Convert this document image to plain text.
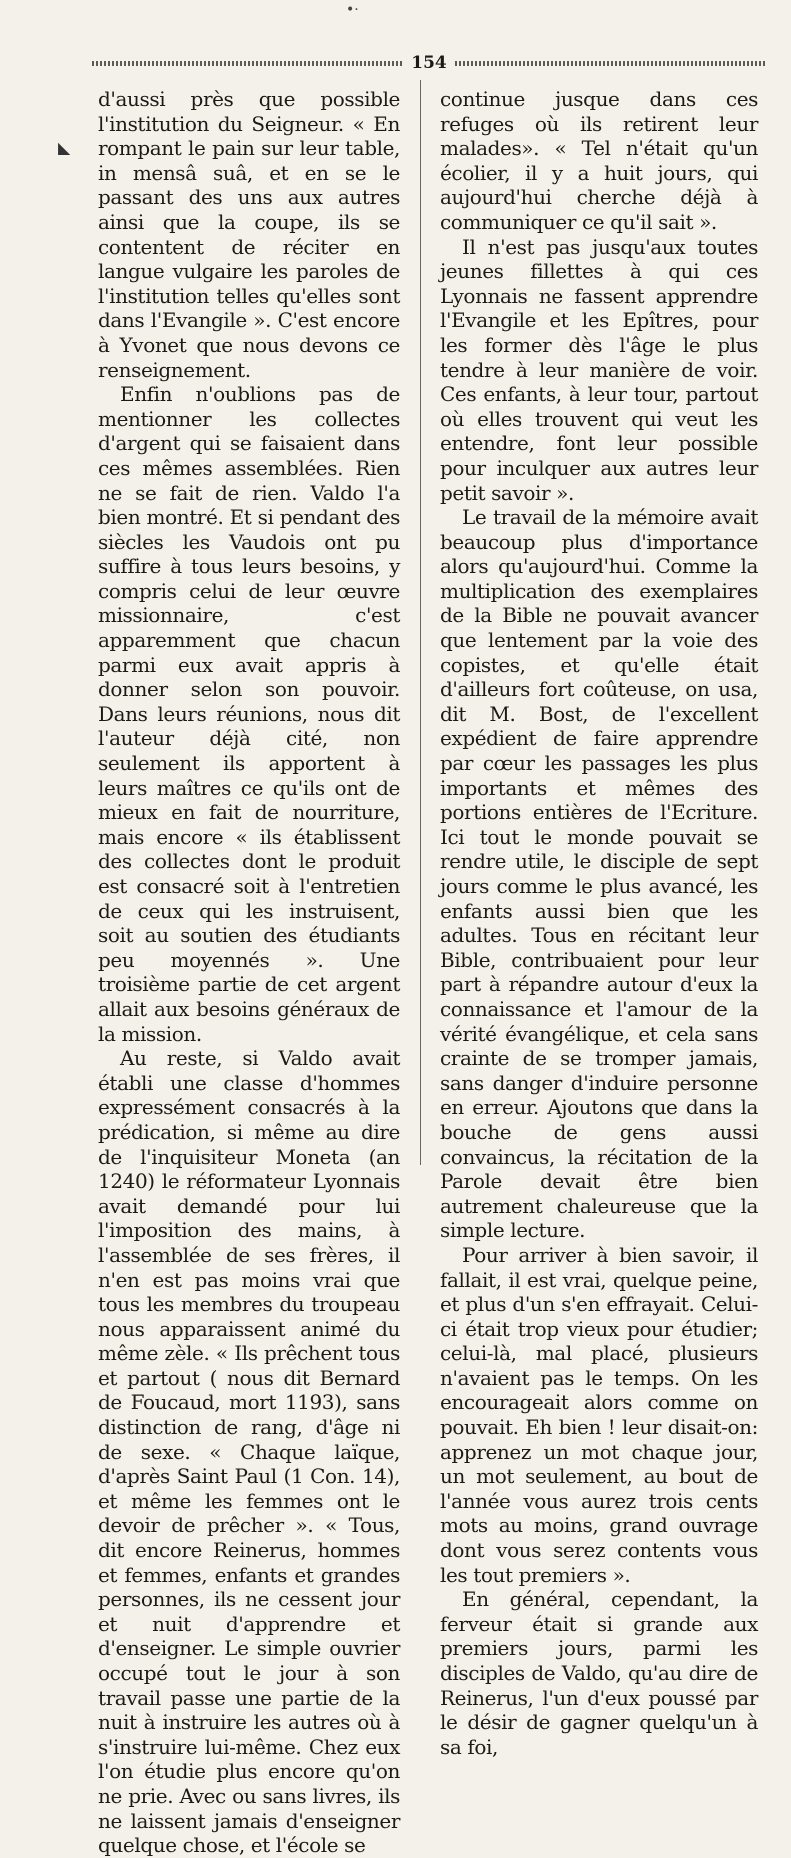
•·
154
◣

d'aussi près que possible l'institution du Seigneur. « En rompant le pain sur leur table, in mensâ suâ, et en se le passant des uns aux autres ainsi que la coupe, ils se contentent de réciter en langue vulgaire les paroles de l'institution telles qu'elles sont dans l'Evangile ». C'est encore à Yvonet que nous devons ce renseignement.

Enfin n'oublions pas de mentionner les collectes d'argent qui se faisaient dans ces mêmes assemblées. Rien ne se fait de rien. Valdo l'a bien montré. Et si pendant des siècles les Vaudois ont pu suffire à tous leurs besoins, y compris celui de leur œuvre missionnaire, c'est apparemment que chacun parmi eux avait appris à donner selon son pouvoir. Dans leurs réunions, nous dit l'auteur déjà cité, non seulement ils apportent à leurs maîtres ce qu'ils ont de mieux en fait de nourriture, mais encore « ils établissent des collectes dont le produit est consacré soit à l'entretien de ceux qui les instruisent, soit au soutien des étudiants peu moyennés ». Une troisième partie de cet argent allait aux besoins généraux de la mission.

Au reste, si Valdo avait établi une classe d'hommes expressément consacrés à la prédication, si même au dire de l'inquisiteur Moneta (an 1240) le réformateur Lyonnais avait demandé pour lui l'imposition des mains, à l'assemblée de ses frères, il n'en est pas moins vrai que tous les membres du troupeau nous apparaissent animé du même zèle. « Ils prêchent tous et partout ( nous dit Bernard de Foucaud, mort 1193), sans distinction de rang, d'âge ni de sexe. « Chaque laïque, d'après Saint Paul (1 Con. 14), et même les femmes ont le devoir de prêcher ». « Tous, dit encore Reinerus, hommes et femmes, enfants et grandes personnes, ils ne cessent jour et nuit d'apprendre et d'enseigner. Le simple ouvrier occupé tout le jour à son travail passe une partie de la nuit à instruire les autres où à s'instruire lui-même. Chez eux l'on étudie plus encore qu'on ne prie. Avec ou sans livres, ils ne laissent jamais d'enseigner quelque chose, et l'école se

continue jusque dans ces refuges où ils retirent leur malades». « Tel n'était qu'un écolier, il y a huit jours, qui aujourd'hui cherche déjà à communiquer ce qu'il sait ».

Il n'est pas jusqu'aux toutes jeunes fillettes à qui ces Lyonnais ne fassent apprendre l'Evangile et les Epîtres, pour les former dès l'âge le plus tendre à leur manière de voir. Ces enfants, à leur tour, partout où elles trouvent qui veut les entendre, font leur possible pour inculquer aux autres leur petit savoir ».

Le travail de la mémoire avait beaucoup plus d'importance alors qu'aujourd'hui. Comme la multiplication des exemplaires de la Bible ne pouvait avancer que lentement par la voie des copistes, et qu'elle était d'ailleurs fort coûteuse, on usa, dit M. Bost, de l'excellent expédient de faire apprendre par cœur les passages les plus importants et mêmes des portions entières de l'Ecriture. Ici tout le monde pouvait se rendre utile, le disciple de sept jours comme le plus avancé, les enfants aussi bien que les adultes. Tous en récitant leur Bible, contribuaient pour leur part à répandre autour d'eux la connaissance et l'amour de la vérité évangélique, et cela sans crainte de se tromper jamais, sans danger d'induire personne en erreur. Ajoutons que dans la bouche de gens aussi convaincus, la récitation de la Parole devait être bien autrement chaleureuse que la simple lecture.

Pour arriver à bien savoir, il fallait, il est vrai, quelque peine, et plus d'un s'en effrayait. Celui-ci était trop vieux pour étudier; celui-là, mal placé, plusieurs n'avaient pas le temps. On les encourageait alors comme on pouvait. Eh bien ! leur disait-on: apprenez un mot chaque jour, un mot seulement, au bout de l'année vous aurez trois cents mots au moins, grand ouvrage dont vous serez contents vous les tout premiers ».

En général, cependant, la ferveur était si grande aux premiers jours, parmi les disciples de Valdo, qu'au dire de Reinerus, l'un d'eux poussé par le désir de gagner quelqu'un à sa foi,
